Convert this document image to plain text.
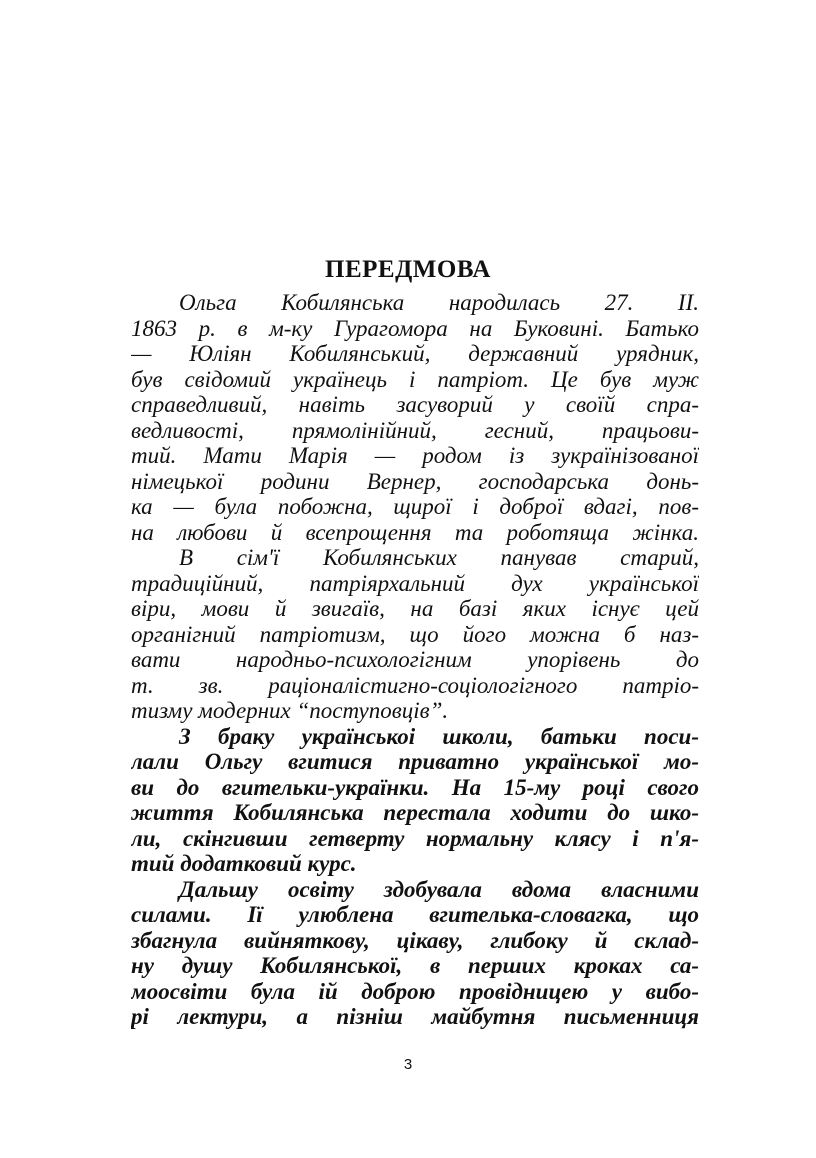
ПЕРЕДМОВА
Ольга Кобилянська народилась 27. ІІ.
1863 р. в м-ку Гурагомора на Буковині. Батько
— Юліян Кобилянський, державний урядник,
був свідомий українець і патріот. Це був муж
справедливий, навіть засуворий у своїй спра-
ведливості, прямолінійний, гесний, працьови-
тий. Мати Марія — родом із зукраїнізованої
німецької родини Вернер, господарська донь-
ка — була побожна, щирої і доброї вдагі, пов-
на любови й всепрощення та роботяща жінка.
В сім'ї Кобилянських панував старий,
традиційний, патріярхальний дух української
віри, мови й звигаїв, на базі яких існує цей
органігний патріотизм, що його можна б наз-
вати народньо-психологігним упорівень до
т. зв. раціоналістигно-соціологігного патріо-
тизму модерних “поступовців”.
З браку українськоі школи, батьки поси-
лали Ольгу вгитися приватно української мо-
ви до вгительки-українки. На 15-му році свого
життя Кобилянська перестала ходити до шко-
ли, скінгивши гетверту нормальну клясу і п'я-
тий додатковий курс.
Дальшу освіту здобувала вдома власними
силами. Ії улюблена вгителька-словагка, що
збагнула вийняткову, цікаву, глибоку й склад-
ну душу Кобилянської, в перших кроках са-
моосвіти була ій доброю провідницею у вибо-
рі лектури, а пізніш майбутня письменниця
3
